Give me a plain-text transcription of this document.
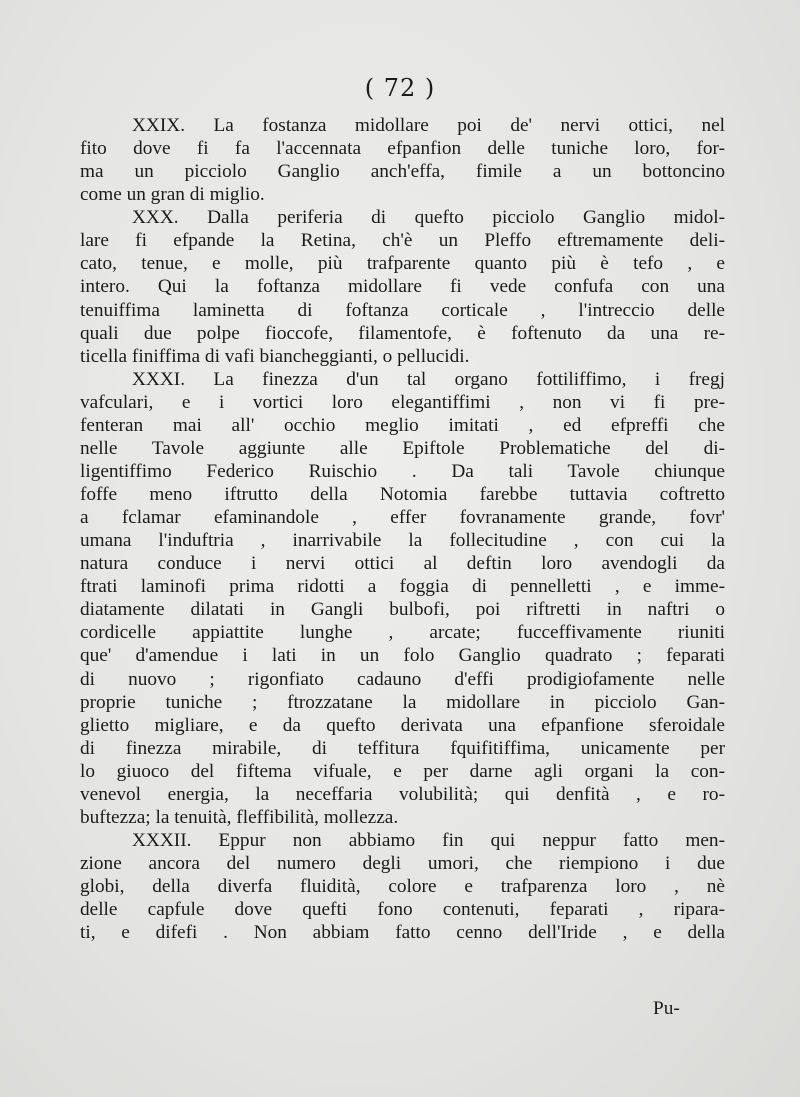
( 72 )
XXIX. La fostanza midollare poi de' nervi ottici, nel
fito dove fi fa l'accennata efpanfion delle tuniche loro, for-
ma un picciolo Ganglio anch'effa, fimile a un bottoncino
come un gran di miglio.
XXX. Dalla periferia di quefto picciolo Ganglio midol-
lare fi efpande la Retina, ch'è un Pleffo eftremamente deli-
cato, tenue, e molle, più trafparente quanto più è tefo , e
intero. Qui la foftanza midollare fi vede confufa con una
tenuiffima laminetta di foftanza corticale , l'intreccio delle
quali due polpe fioccofe, filamentofe, è foftenuto da una re-
ticella finiffima di vafi biancheggianti, o pellucidi.
XXXI. La finezza d'un tal organo fottiliffimo, i fregj
vafculari, e i vortici loro elegantiffimi , non vi fi pre-
fenteran mai all' occhio meglio imitati , ed efpreffi che
nelle Tavole aggiunte alle Epiftole Problematiche del di-
ligentiffimo Federico Ruischio . Da tali Tavole chiunque
foffe meno iftrutto della Notomia farebbe tuttavia coftretto
a fclamar efaminandole , effer fovranamente grande, fovr'
umana l'induftria , inarrivabile la follecitudine , con cui la
natura conduce i nervi ottici al deftin loro avendogli da
ftrati laminofi prima ridotti a foggia di pennelletti , e imme-
diatamente dilatati in Gangli bulbofi, poi riftretti in naftri o
cordicelle appiattite lunghe , arcate; fucceffivamente riuniti
que' d'amendue i lati in un folo Ganglio quadrato ; feparati
di nuovo ; rigonfiato cadauno d'effi prodigiofamente nelle
proprie tuniche ; ftrozzatane la midollare in picciolo Gan-
glietto migliare, e da quefto derivata una efpanfione sferoidale
di finezza mirabile, di teffitura fquifitiffima, unicamente per
lo giuoco del fiftema vifuale, e per darne agli organi la con-
venevol energia, la neceffaria volubilità; qui denfità , e ro-
buftezza; la tenuità, fleffibilità, mollezza.
XXXII. Eppur non abbiamo fin qui neppur fatto men-
zione ancora del numero degli umori, che riempiono i due
globi, della diverfa fluidità, colore e trafparenza loro , nè
delle capfule dove quefti fono contenuti, feparati , ripara-
ti, e difefi . Non abbiam fatto cenno dell'Iride , e della
Pu-
